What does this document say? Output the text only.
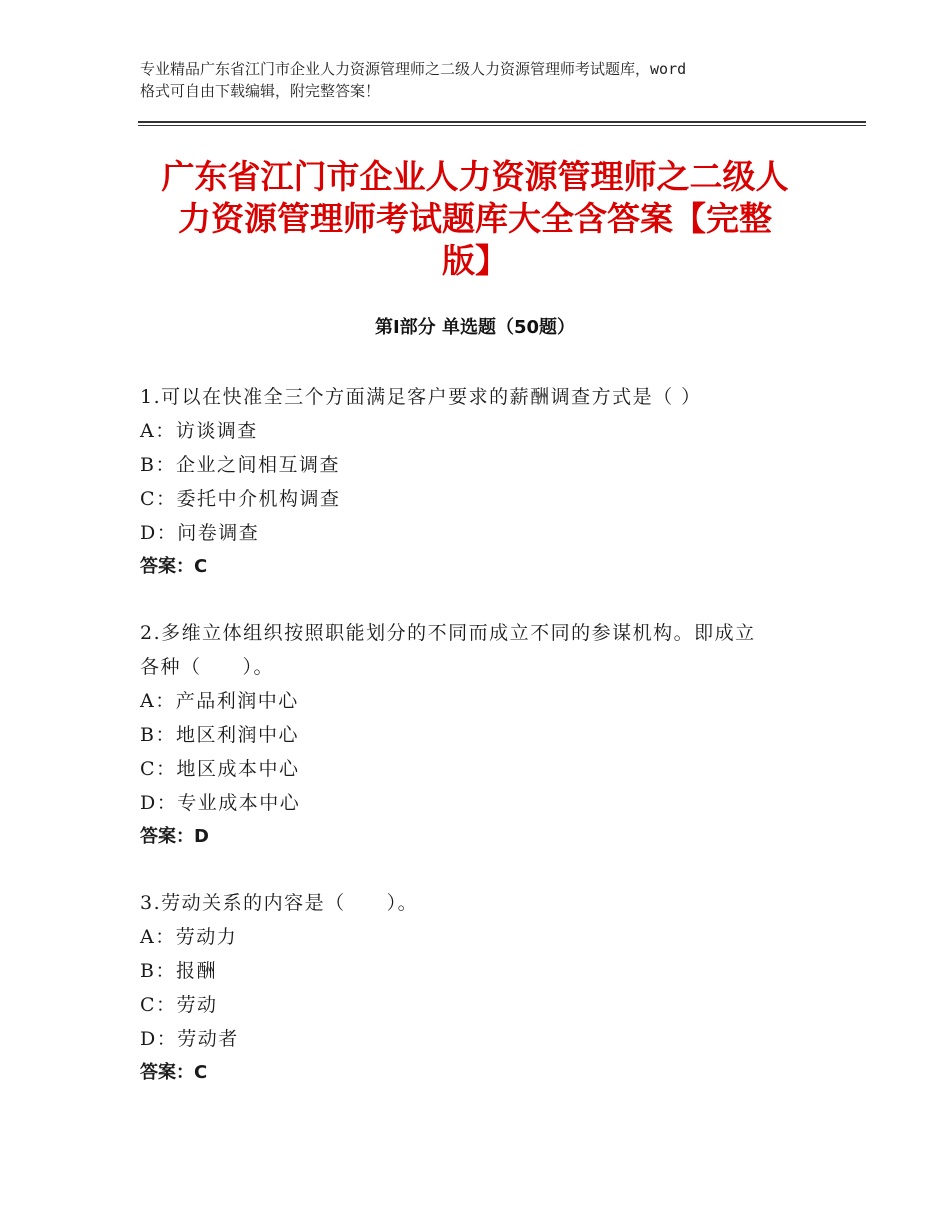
专业精品广东省江门市企业人力资源管理师之二级人力资源管理师考试题库，word
格式可自由下载编辑，附完整答案！
广东省江门市企业人力资源管理师之二级人
力资源管理师考试题库大全含答案【完整
版】
第Ⅰ部分 单选题（50题）

1.可以在快准全三个方面满足客户要求的薪酬调查方式是（ ）

A：访谈调查

B：企业之间相互调查

C：委托中介机构调查

D：问卷调查

答案：C

2.多维立体组织按照职能划分的不同而成立不同的参谋机构。即成立

各种（　　）。

A：产品利润中心

B：地区利润中心

C：地区成本中心

D：专业成本中心

答案：D

3.劳动关系的内容是（　　）。

A：劳动力

B：报酬

C：劳动

D：劳动者

答案：C
